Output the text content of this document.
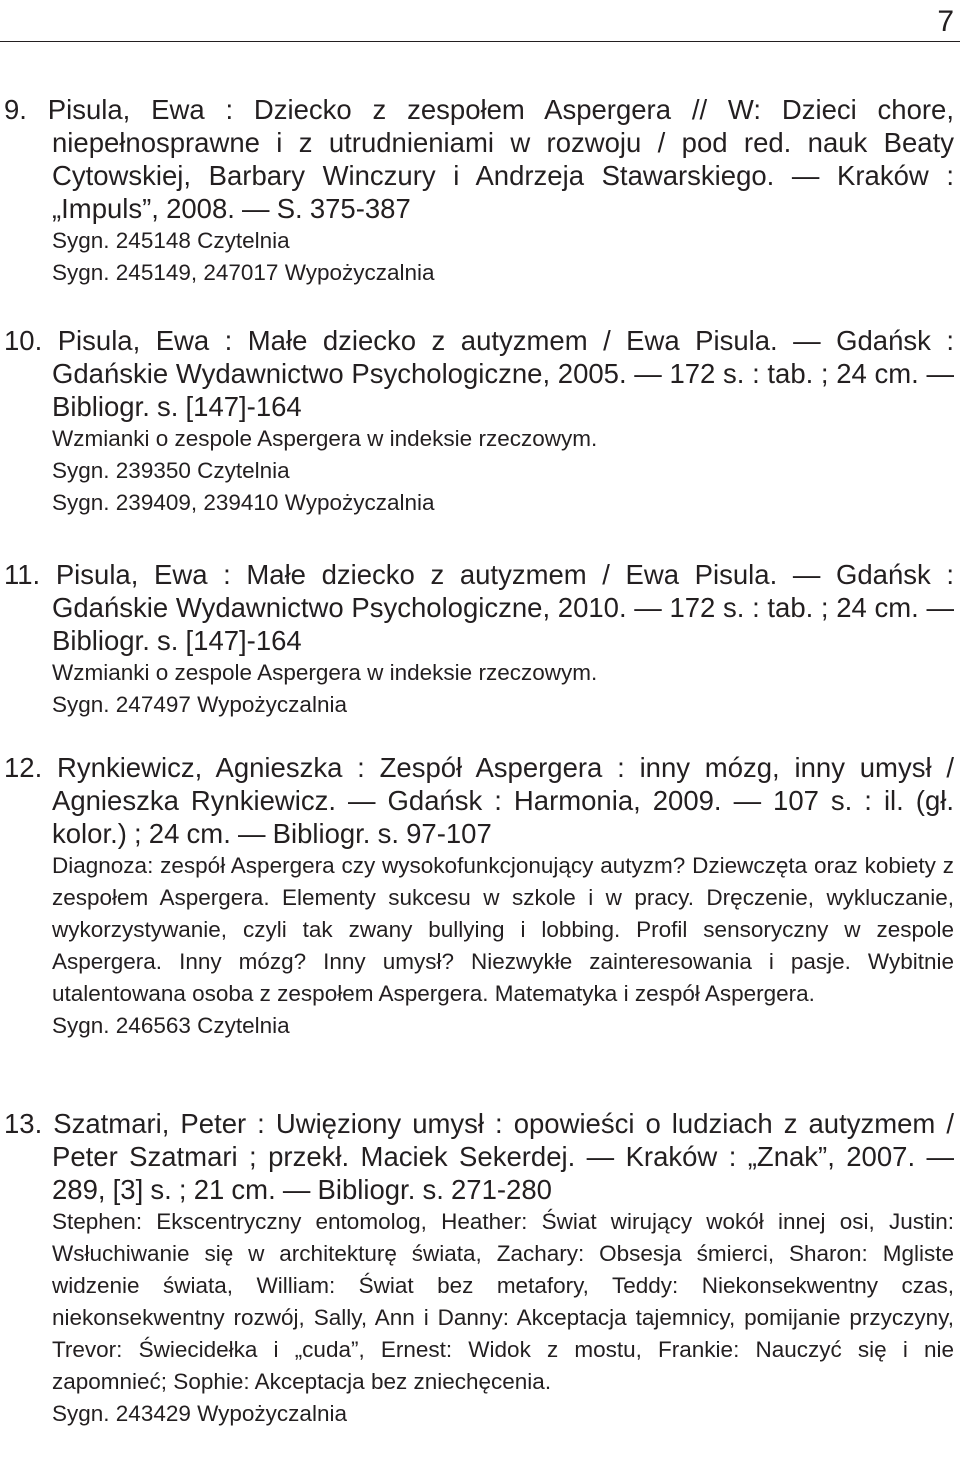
7
9. Pisula, Ewa : Dziecko z zespołem Aspergera // W: Dzieci chore, niepełnosprawne i z utrudnieniami w rozwoju / pod red. nauk Beaty Cytowskiej, Barbary Winczury i Andrzeja Stawarskiego. — Kraków : „Impuls”, 2008. — S. 375-387
Sygn. 245148 Czytelnia
Sygn. 245149, 247017 Wypożyczalnia
10. Pisula, Ewa : Małe dziecko z autyzmem / Ewa Pisula. — Gdańsk : Gdańskie Wydawnictwo Psychologiczne, 2005. — 172 s. : tab. ; 24 cm. — Bibliogr. s. [147]-164
Wzmianki o zespole Aspergera w indeksie rzeczowym.
Sygn. 239350 Czytelnia
Sygn. 239409, 239410 Wypożyczalnia
11. Pisula, Ewa : Małe dziecko z autyzmem / Ewa Pisula. — Gdańsk : Gdańskie Wydawnictwo Psychologiczne, 2010. — 172 s. : tab. ; 24 cm. — Bibliogr. s. [147]-164
Wzmianki o zespole Aspergera w indeksie rzeczowym.
Sygn. 247497 Wypożyczalnia
12. Rynkiewicz, Agnieszka : Zespół Aspergera : inny mózg, inny umysł / Agnieszka Rynkiewicz. — Gdańsk : Harmonia, 2009. — 107 s. : il. (gł. kolor.) ; 24 cm. — Bibliogr. s. 97-107
Diagnoza: zespół Aspergera czy wysokofunkcjonujący autyzm? Dziewczęta oraz kobiety z zespołem Aspergera. Elementy sukcesu w szkole i w pracy. Dręczenie, wykluczanie, wykorzystywanie, czyli tak zwany bullying i lobbing. Profil sensoryczny w zespole Aspergera. Inny mózg? Inny umysł? Niezwykłe zainteresowania i pasje. Wybitnie utalentowana osoba z zespołem Aspergera. Matematyka i zespół Aspergera.
Sygn. 246563 Czytelnia
13. Szatmari, Peter : Uwięziony umysł : opowieści o ludziach z autyzmem / Peter Szatmari ; przekł. Maciek Sekerdej. — Kraków : „Znak”, 2007. — 289, [3] s. ; 21 cm. — Bibliogr. s. 271-280
Stephen: Ekscentryczny entomolog, Heather: Świat wirujący wokół innej osi, Justin: Wsłuchiwanie się w architekturę świata, Zachary: Obsesja śmierci, Sharon: Mgliste widzenie świata, William: Świat bez metafory, Teddy: Niekonsekwentny czas, niekonsekwentny rozwój, Sally, Ann i Danny: Akceptacja tajemnicy, pomijanie przyczyny, Trevor: Świecidełka i „cuda”, Ernest: Widok z mostu, Frankie: Nauczyć się i nie zapomnieć; Sophie: Akceptacja bez zniechęcenia.
Sygn. 243429 Wypożyczalnia
